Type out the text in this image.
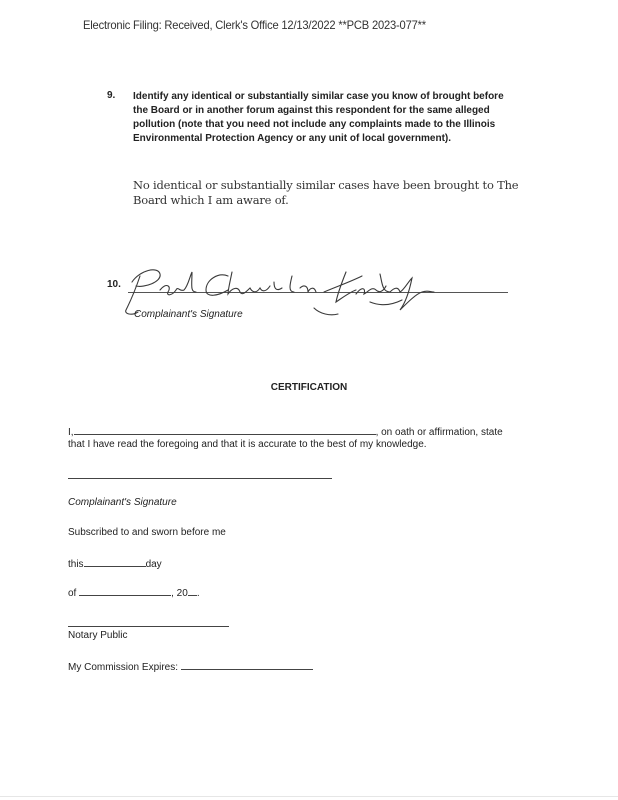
Electronic Filing: Received, Clerk's Office 12/13/2022 **PCB 2023-077**
9. Identify any identical or substantially similar case you know of brought before the Board or in another forum against this respondent for the same alleged pollution (note that you need not include any complaints made to the Illinois Environmental Protection Agency or any unit of local government).
No identical or substantially similar cases have been brought to The Board which I am aware of.
10.
Complainant's Signature
CERTIFICATION
I,	, on oath or affirmation, state
that I have read the foregoing and that it is accurate to the best of my knowledge.
Complainant's Signature
Subscribed to and sworn before me
this	day
of	, 20 .
Notary Public
My Commission Expires:
